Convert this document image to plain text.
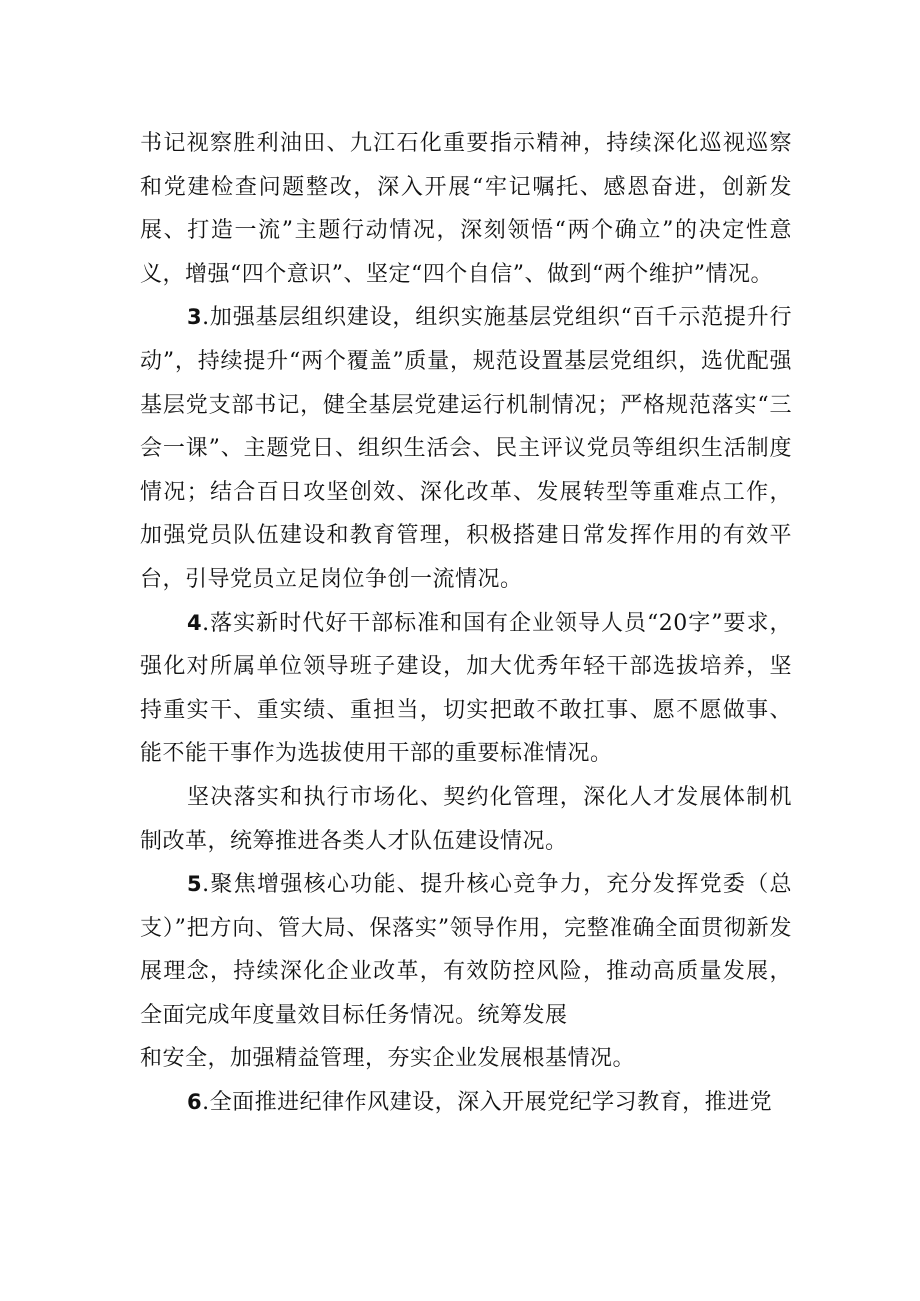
书记视察胜利油田、九江石化重要指示精神，持续深化巡视巡察和党建检查问题整改，深入开展“牢记嘱托、感恩奋进，创新发展、打造一流”主题行动情况，深刻领悟“两个确立”的决定性意义，增强“四个意识”、坚定“四个自信”、做到“两个维护”情况。

3.加强基层组织建设，组织实施基层党组织“百千示范提升行动”，持续提升“两个覆盖”质量，规范设置基层党组织，选优配强基层党支部书记，健全基层党建运行机制情况；严格规范落实“三会一课”、主题党日、组织生活会、民主评议党员等组织生活制度情况；结合百日攻坚创效、深化改革、发展转型等重难点工作，加强党员队伍建设和教育管理，积极搭建日常发挥作用的有效平台，引导党员立足岗位争创一流情况。

4.落实新时代好干部标准和国有企业领导人员“20字”要求，强化对所属单位领导班子建设，加大优秀年轻干部选拔培养，坚持重实干、重实绩、重担当，切实把敢不敢扛事、愿不愿做事、能不能干事作为选拔使用干部的重要标准情况。

坚决落实和执行市场化、契约化管理，深化人才发展体制机制改革，统筹推进各类人才队伍建设情况。

5.聚焦增强核心功能、提升核心竞争力，充分发挥党委（总支）”把方向、管大局、保落实”领导作用，完整准确全面贯彻新发展理念，持续深化企业改革，有效防控风险，推动高质量发展，全面完成年度量效目标任务情况。统筹发展

和安全，加强精益管理，夯实企业发展根基情况。

6.全面推进纪律作风建设，深入开展党纪学习教育，推进党
